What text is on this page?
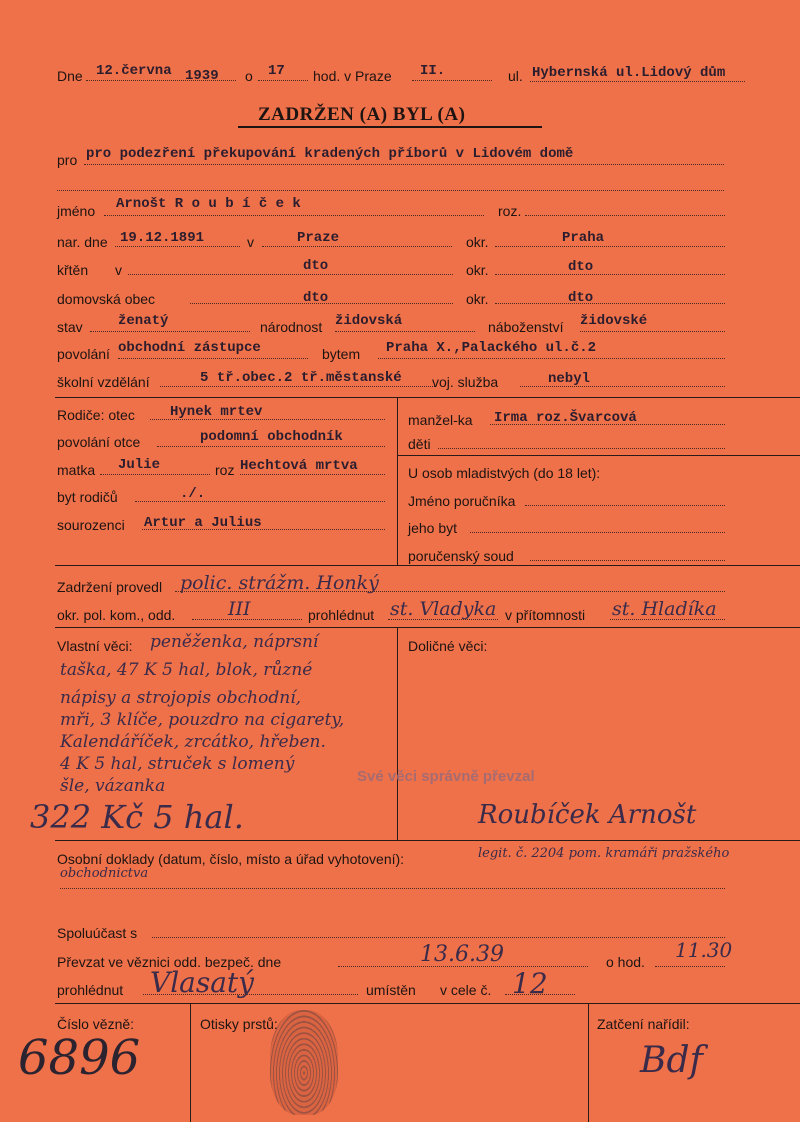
Dne 12.června 1939 o 17 hod. v Praze II.	ul. Hybernská ul.Lidový dům
ZADRŽEN (A) BYL (A)
pro pro podezření překupování kradených příborů v Lidovém domě
jméno Arnošt R o u b í č e k	roz.
nar. dne 19.12.1891	v	Praze	okr.	Praha
křtěn v	dto	okr.	dto
domovská obec	dto	okr.	dto
stav	ženatý	národnost židovská	náboženství židovské
povolání obchodní zástupce	bytem Praha X.,Palackého ul.č.2
školní vzdělání	5 tř.obec.2 tř.městanské voj. služba	nebyl
Rodiče: otec	Hynek mrtev
povolání otce	podomní obchodník
matka Julie	roz Hechtová mrtva
byt rodičů	./.
sourozenci Artur a Julius
manžel-ka Irma roz.Švarcová
děti
U osob mladistvých (do 18 let):
Jméno poručníka
jeho byt
poručenský soud
Zadržení provedl polic. strážm. Honký
okr. pol. kom., odd.	III	prohlédnut st. Vladyka v přítomnosti st. Hladíka
Vlastní věci: peněženka, náprsní
taška, 47 K 5 hal, blok, různé
nápisy a strojopis obchodní,
mři, 3 klíče, pouzdro na cigarety,
Kalendáříček, zrcátko, hřeben.
4 K 5 hal, struček s lomený
šle, vázanka
322 Kč 5 hal.
Doličné věci:
Své věci správně převzal
Roubíček Arnošt
Osobní doklady (datum, číslo, místo a úřad vyhotovení):	legit. č. 2204 pom. kramáři pražského
obchodnictva
Spoluúčast s
Převzat ve věznici odd. bezpeč. dne	13.6.39	o hod. 11.30
prohlédnut Vlasatý	umístěn v cele č. 12
Číslo vězně:
6896
Otisky prstů:	Zatčení nařídil:
Bdf
